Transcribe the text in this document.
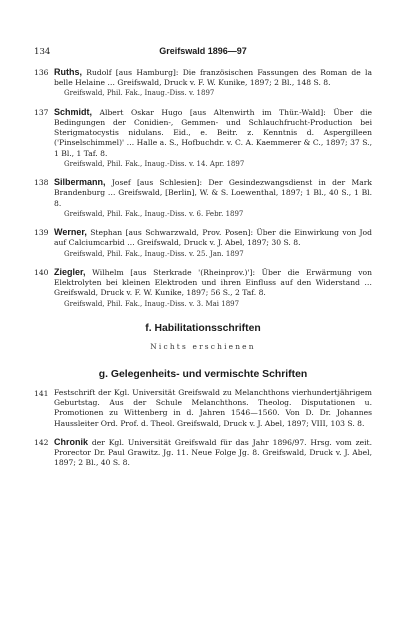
134	Greifswald 1896—97
136 Ruths, Rudolf [aus Hamburg]: Die französischen Fassungen des Roman de la belle Helaine … Greifswald, Druck v. F. W. Kunike, 1897; 2 Bl., 148 S. 8.
Greifswald, Phil. Fak., Inaug.-Diss. v. 1897
137 Schmidt, Albert Oskar Hugo [aus Altenwirth im Thür.-Wald]: Über die Bedingungen der Conidien-, Gemmen- und Schlauchfrucht-Production bei Sterigmatocystis nidulans. Eid., e. Beitr. z. Kenntnis d. Aspergilleen ('Pinselschimmel)' … Halle a. S., Hofbuchdr. v. C. A. Kaemmerer & C., 1897; 37 S., 1 Bl., 1 Taf. 8.
Greifswald, Phil. Fak., Inaug.-Diss. v. 14. Apr. 1897
138 Silbermann, Josef [aus Schlesien]: Der Gesindezwangsdienst in der Mark Brandenburg … Greifswald, [Berlin], W. & S. Loewenthal, 1897; 1 Bl., 40 S., 1 Bl. 8.
Greifswald, Phil. Fak., Inaug.-Diss. v. 6. Febr. 1897
139 Werner, Stephan [aus Schwarzwald, Prov. Posen]: Über die Einwirkung von Jod auf Calciumcarbid … Greifswald, Druck v. J. Abel, 1897; 30 S. 8.
Greifswald, Phil. Fak., Inaug.-Diss. v. 25. Jan. 1897
140 Ziegler, Wilhelm [aus Sterkrade '(Rheinprov.)']: Über die Erwärmung von Elektrolyten bei kleinen Elektroden und ihren Einfluss auf den Widerstand … Greifswald, Druck v. F. W. Kunike, 1897; 56 S., 2 Taf. 8.
Greifswald, Phil. Fak., Inaug.-Diss. v. 3. Mai 1897
f. Habilitationsschriften
Nichts erschienen
g. Gelegenheits- und vermischte Schriften
141 Festschrift der Kgl. Universität Greifswald zu Melanchthons vierhundertjährigem Geburtstag. Aus der Schule Melanchthons. Theolog. Disputationen u. Promotionen zu Wittenberg in d. Jahren 1546—1560. Von D. Dr. Johannes Haussleiter Ord. Prof. d. Theol. Greifswald, Druck v. J. Abel, 1897; VIII, 103 S. 8.
142 Chronik der Kgl. Universität Greifswald für das Jahr 1896/97. Hrsg. vom zeit. Prorector Dr. Paul Grawitz. Jg. 11. Neue Folge Jg. 8. Greifswald, Druck v. J. Abel, 1897; 2 Bl., 40 S. 8.
